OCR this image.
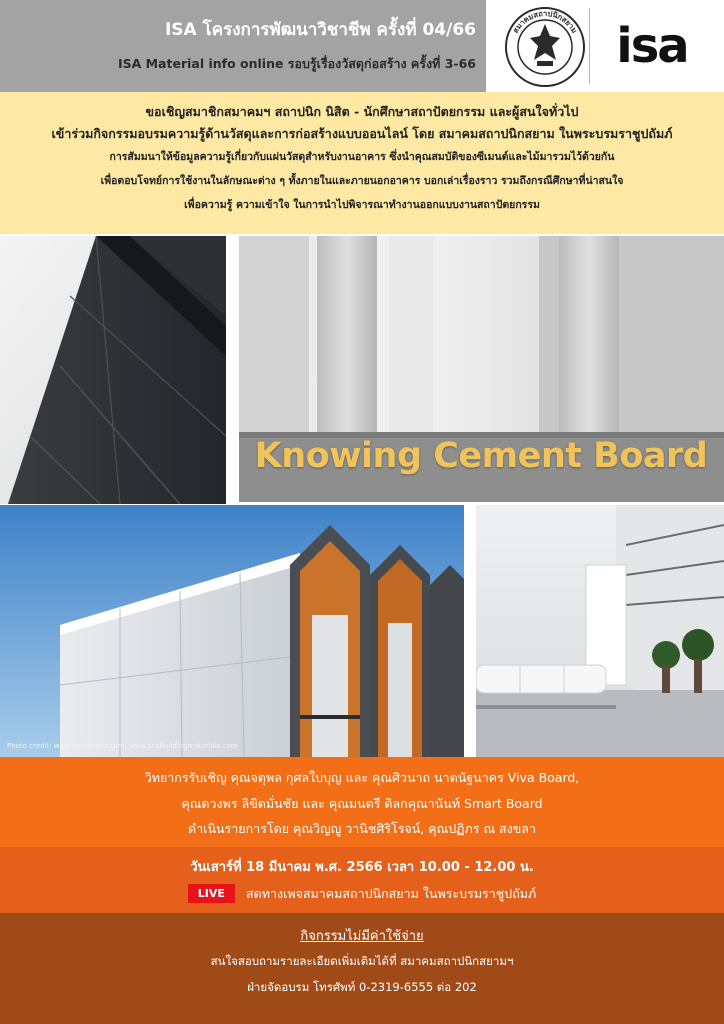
ISA โครงการพัฒนาวิชาชีพ ครั้งที่ 04/66
ISA Material info online รอบรู้เรื่องวัสดุก่อสร้าง ครั้งที่ 3-66
สมาคมสถาปนิกสยาม isa
ขอเชิญสมาชิกสมาคมฯ สถาปนิก นิสิต - นักศึกษาสถาปัตยกรรม และผู้สนใจทั่วไป
เข้าร่วมกิจกรรมอบรมความรู้ด้านวัสดุและการก่อสร้างแบบออนไลน์ โดย สมาคมสถาปนิกสยาม ในพระบรมราชูปถัมภ์
การสัมมนาให้ข้อมูลความรู้เกี่ยวกับแผ่นวัสดุสำหรับงานอาคาร ซึ่งนำคุณสมบัติของซีเมนต์และไม้มารวมไว้ด้วยกัน
เพื่อตอบโจทย์การใช้งานในลักษณะต่าง ๆ ทั้งภายในและภายนอกอาคาร บอกเล่าเรื่องราว รวมถึงกรณีศึกษาที่น่าสนใจ
เพื่อความรู้ ความเข้าใจ ในการนำไปพิจารณาทำงานออกแบบงานสถาปัตยกรรม
Knowing Cement Board
Photo credit: www.vivaboard.com, www.scgbuildingmaterials.com
วิทยากรรับเชิญ คุณจตุพล กุศลใบบุญ และ คุณศิวนาถ นาตนัฐนาคร Viva Board,
คุณดวงพร ลิขิตมั่นชัย และ คุณมนตรี ดิลกคุณานันท์ Smart Board
ดำเนินรายการโดย คุณวิญญู วานิชศิริโรจน์, คุณปฏิภร ณ สงขลา
วันเสาร์ที่ 18 มีนาคม พ.ศ. 2566 เวลา 10.00 - 12.00 น.
LIVE สดทางเพจสมาคมสถาปนิกสยาม ในพระบรมราชูปถัมภ์
กิจกรรมไม่มีค่าใช้จ่าย
สนใจสอบถามรายละเอียดเพิ่มเติมได้ที่ สมาคมสถาปนิกสยามฯ
ฝ่ายจัดอบรม โทรศัพท์ 0-2319-6555 ต่อ 202
